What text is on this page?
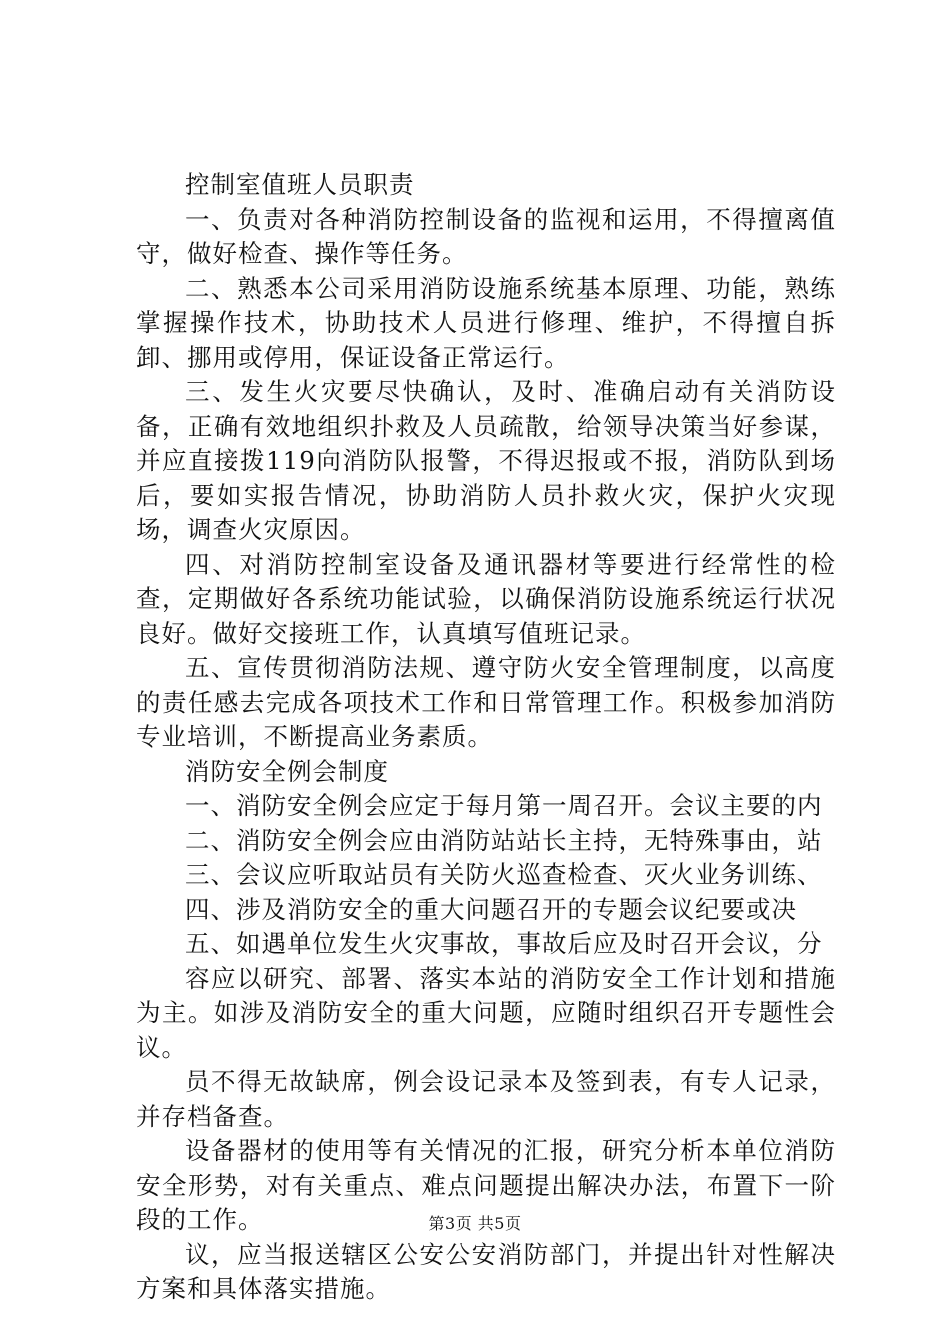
控制室值班人员职责

一、负责对各种消防控制设备的监视和运用，不得擅离值守，做好检查、操作等任务。

二、熟悉本公司采用消防设施系统基本原理、功能，熟练掌握操作技术，协助技术人员进行修理、维护，不得擅自拆卸、挪用或停用，保证设备正常运行。

三、发生火灾要尽快确认，及时、准确启动有关消防设备，正确有效地组织扑救及人员疏散，给领导决策当好参谋，并应直接拨119向消防队报警，不得迟报或不报，消防队到场后，要如实报告情况，协助消防人员扑救火灾，保护火灾现场，调查火灾原因。

四、对消防控制室设备及通讯器材等要进行经常性的检查，定期做好各系统功能试验，以确保消防设施系统运行状况良好。做好交接班工作，认真填写值班记录。

五、宣传贯彻消防法规、遵守防火安全管理制度，以高度的责任感去完成各项技术工作和日常管理工作。积极参加消防专业培训，不断提高业务素质。

消防安全例会制度

一、消防安全例会应定于每月第一周召开。会议主要的内
二、消防安全例会应由消防站站长主持，无特殊事由，站
三、会议应听取站员有关防火巡查检查、灭火业务训练、
四、涉及消防安全的重大问题召开的专题会议纪要或决
五、如遇单位发生火灾事故，事故后应及时召开会议，分

容应以研究、部署、落实本站的消防安全工作计划和措施为主。如涉及消防安全的重大问题，应随时组织召开专题性会议。

员不得无故缺席，例会设记录本及签到表，有专人记录，并存档备查。

设备器材的使用等有关情况的汇报，研究分析本单位消防安全形势，对有关重点、难点问题提出解决办法，布置下一阶段的工作。

议，应当报送辖区公安公安消防部门，并提出针对性解决方案和具体落实措施。

第3页 共5页
